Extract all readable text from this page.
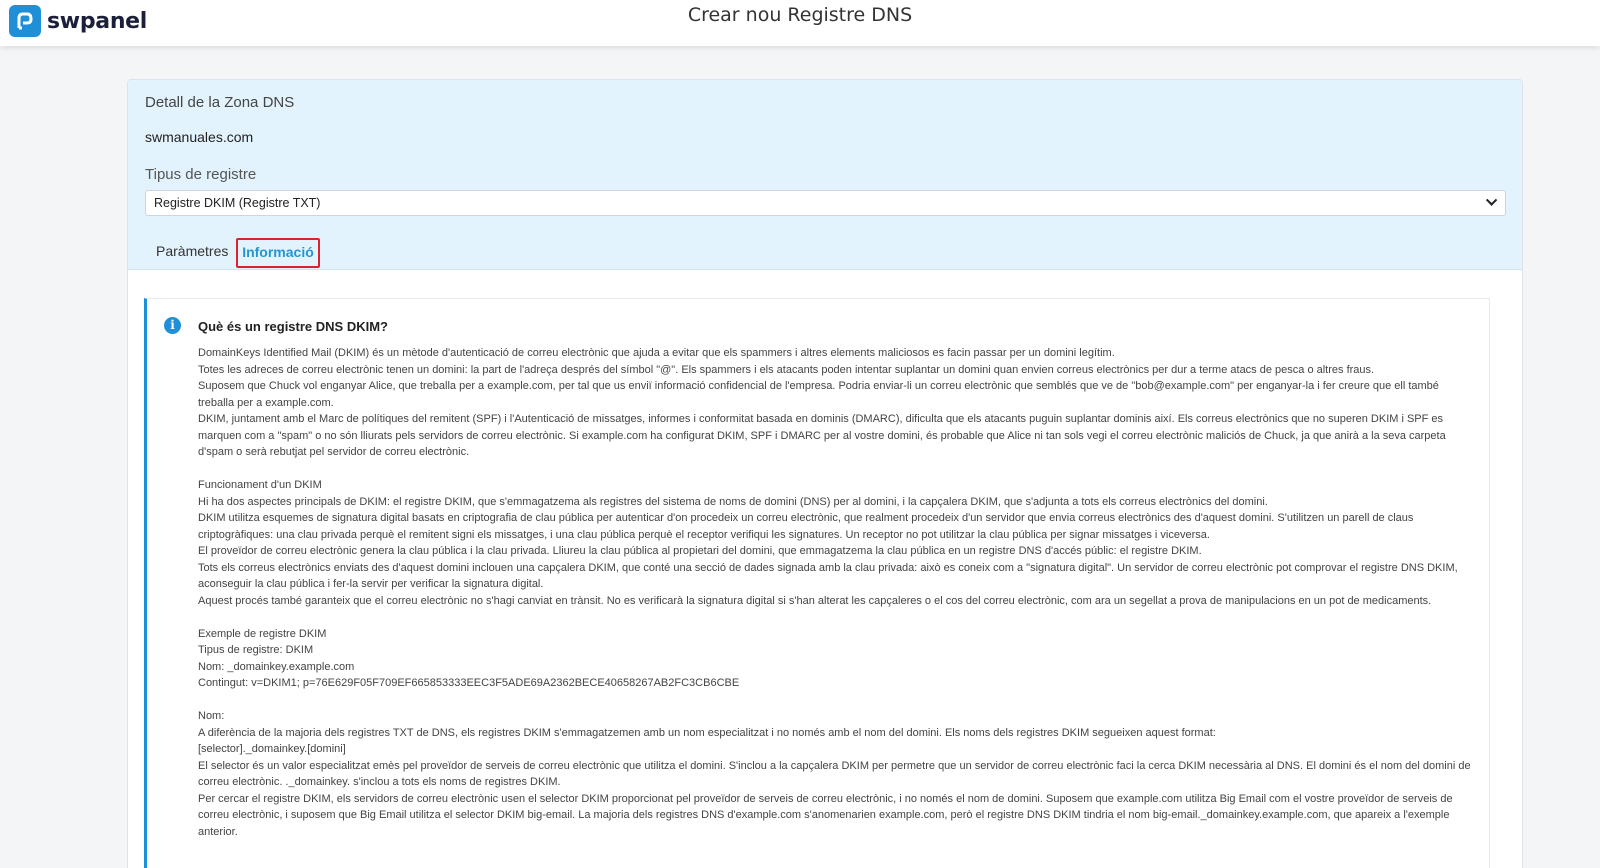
swpanel	Crear nou Registre DNS
Detall de la Zona DNS
swmanuales.com
Tipus de registre
Registre DKIM (Registre TXT)
Paràmetres Informació
i	Què és un registre DNS DKIM?

DomainKeys Identified Mail (DKIM) és un mètode d'autenticació de correu electrònic que ajuda a evitar que els spammers i altres elements maliciosos es facin passar per un domini legítim.

Totes les adreces de correu electrònic tenen un domini: la part de l'adreça després del símbol "@". Els spammers i els atacants poden intentar suplantar un domini quan envien correus electrònics per dur a terme atacs de pesca o altres fraus.

Suposem que Chuck vol enganyar Alice, que treballa per a example.com, per tal que us enviï informació confidencial de l'empresa. Podria enviar-li un correu electrònic que semblés que ve de "bob@example.com" per enganyar-la i fer creure que ell també treballa per a example.com.

DKIM, juntament amb el Marc de polítiques del remitent (SPF) i l'Autenticació de missatges, informes i conformitat basada en dominis (DMARC), dificulta que els atacants puguin suplantar dominis així. Els correus electrònics que no superen DKIM i SPF es marquen com a "spam" o no són lliurats pels servidors de correu electrònic. Si example.com ha configurat DKIM, SPF i DMARC per al vostre domini, és probable que Alice ni tan sols vegi el correu electrònic maliciós de Chuck, ja que anirà a la seva carpeta d'spam o serà rebutjat pel servidor de correu electrònic.

Funcionament d'un DKIM

Hi ha dos aspectes principals de DKIM: el registre DKIM, que s'emmagatzema als registres del sistema de noms de domini (DNS) per al domini, i la capçalera DKIM, que s'adjunta a tots els correus electrònics del domini.

DKIM utilitza esquemes de signatura digital basats en criptografia de clau pública per autenticar d'on procedeix un correu electrònic, que realment procedeix d'un servidor que envia correus electrònics des d'aquest domini. S'utilitzen un parell de claus criptogràfiques: una clau privada perquè el remitent signi els missatges, i una clau pública perquè el receptor verifiqui les signatures. Un receptor no pot utilitzar la clau pública per signar missatges i viceversa.

El proveïdor de correu electrònic genera la clau pública i la clau privada. Lliureu la clau pública al propietari del domini, que emmagatzema la clau pública en un registre DNS d'accés públic: el registre DKIM.

Tots els correus electrònics enviats des d'aquest domini inclouen una capçalera DKIM, que conté una secció de dades signada amb la clau privada: això es coneix com a "signatura digital". Un servidor de correu electrònic pot comprovar el registre DNS DKIM, aconseguir la clau pública i fer-la servir per verificar la signatura digital.

Aquest procés també garanteix que el correu electrònic no s'hagi canviat en trànsit. No es verificarà la signatura digital si s'han alterat les capçaleres o el cos del correu electrònic, com ara un segellat a prova de manipulacions en un pot de medicaments.

Exemple de registre DKIM

Tipus de registre: DKIM

Nom: _domainkey.example.com

Contingut: v=DKIM1; p=76E629F05F709EF665853333EEC3F5ADE69A2362BECE40658267AB2FC3CB6CBE

Nom:

A diferència de la majoria dels registres TXT de DNS, els registres DKIM s'emmagatzemen amb un nom especialitzat i no només amb el nom del domini. Els noms dels registres DKIM segueixen aquest format:

[selector]._domainkey.[domini]

El selector és un valor especialitzat emès pel proveïdor de serveis de correu electrònic que utilitza el domini. S'inclou a la capçalera DKIM per permetre que un servidor de correu electrònic faci la cerca DKIM necessària al DNS. El domini és el nom del domini de correu electrònic. ._domainkey. s'inclou a tots els noms de registres DKIM.

Per cercar el registre DKIM, els servidors de correu electrònic usen el selector DKIM proporcionat pel proveïdor de serveis de correu electrònic, i no només el nom de domini. Suposem que example.com utilitza Big Email com el vostre proveïdor de serveis de correu electrònic, i suposem que Big Email utilitza el selector DKIM big-email. La majoria dels registres DNS d'example.com s'anomenarien example.com, però el registre DNS DKIM tindria el nom big-email._domainkey.example.com, que apareix a l'exemple anterior.
